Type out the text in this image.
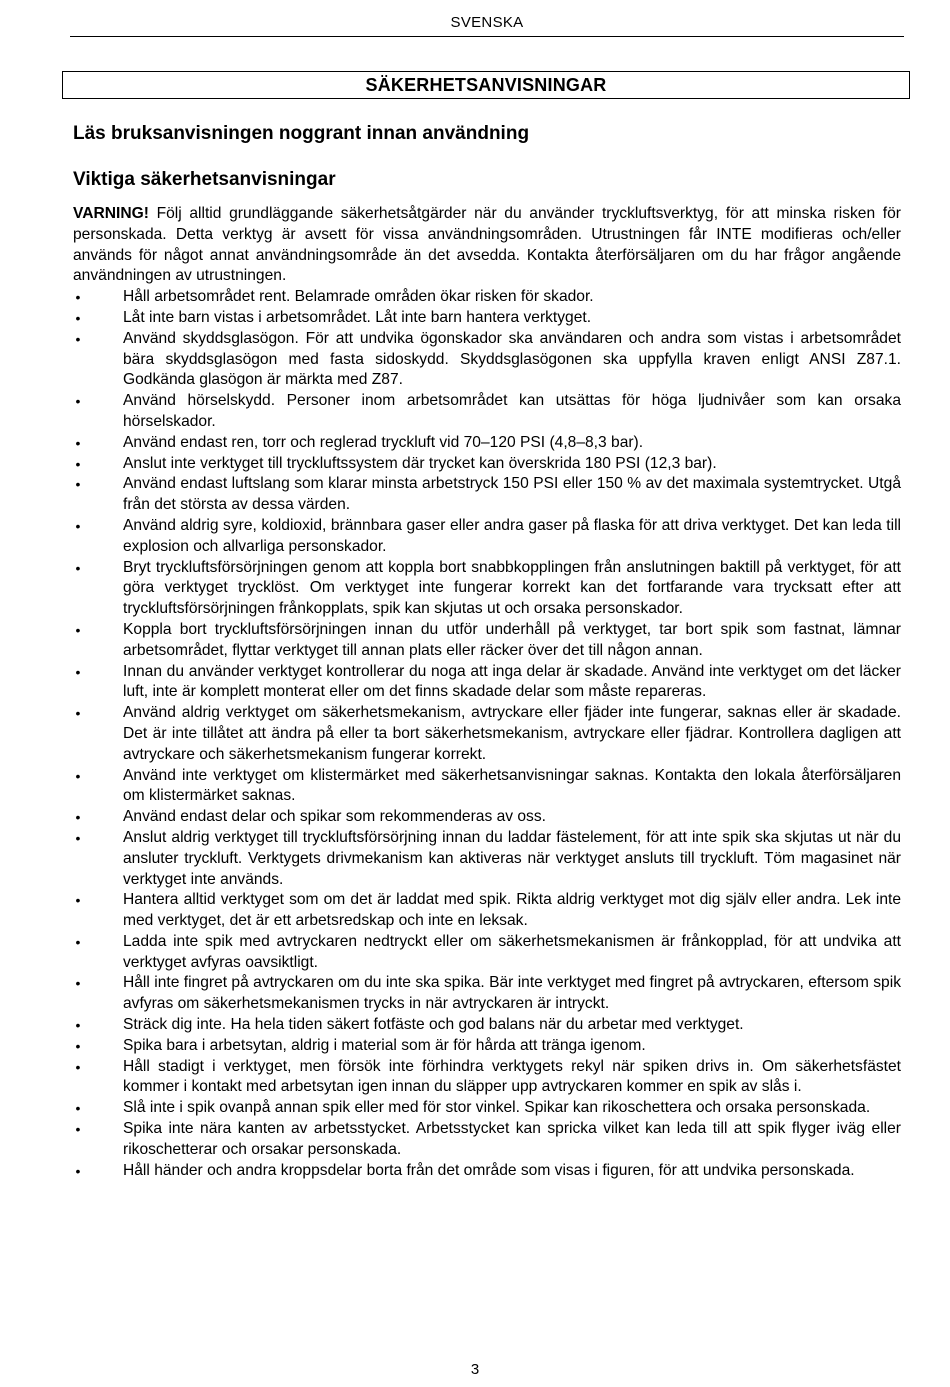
SVENSKA
SÄKERHETSANVISNINGAR
Läs bruksanvisningen noggrant innan användning
Viktiga säkerhetsanvisningar

VARNING! Följ alltid grundläggande säkerhetsåtgärder när du använder tryckluftsverktyg, för att minska risken för personskada. Detta verktyg är avsett för vissa användningsområden. Utrustningen får INTE modifieras och/eller används för något annat användningsområde än det avsedda. Kontakta återförsäljaren om du har frågor angående användningen av utrustningen.

•	Håll arbetsområdet rent. Belamrade områden ökar risken för skador.
•	Låt inte barn vistas i arbetsområdet. Låt inte barn hantera verktyget.
•	Använd skyddsglasögon. För att undvika ögonskador ska användaren och andra som vistas i arbetsområdet bära skyddsglasögon med fasta sidoskydd. Skyddsglasögonen ska uppfylla kraven enligt ANSI Z87.1. Godkända glasögon är märkta med Z87.
•	Använd hörselskydd. Personer inom arbetsområdet kan utsättas för höga ljudnivåer som kan orsaka hörselskador.
•	Använd endast ren, torr och reglerad tryckluft vid 70–120 PSI (4,8–8,3 bar).
•	Anslut inte verktyget till tryckluftssystem där trycket kan överskrida 180 PSI (12,3 bar).
•	Använd endast luftslang som klarar minsta arbetstryck 150 PSI eller 150 % av det maximala systemtrycket. Utgå från det största av dessa värden.
•	Använd aldrig syre, koldioxid, brännbara gaser eller andra gaser på flaska för att driva verktyget. Det kan leda till explosion och allvarliga personskador.
•	Bryt tryckluftsförsörjningen genom att koppla bort snabbkopplingen från anslutningen baktill på verktyget, för att göra verktyget trycklöst. Om verktyget inte fungerar korrekt kan det fortfarande vara trycksatt efter att tryckluftsförsörjningen frånkopplats, spik kan skjutas ut och orsaka personskador.
•	Koppla bort tryckluftsförsörjningen innan du utför underhåll på verktyget, tar bort spik som fastnat, lämnar arbetsområdet, flyttar verktyget till annan plats eller räcker över det till någon annan.
•	Innan du använder verktyget kontrollerar du noga att inga delar är skadade. Använd inte verktyget om det läcker luft, inte är komplett monterat eller om det finns skadade delar som måste repareras.
•	Använd aldrig verktyget om säkerhetsmekanism, avtryckare eller fjäder inte fungerar, saknas eller är skadade. Det är inte tillåtet att ändra på eller ta bort säkerhetsmekanism, avtryckare eller fjädrar. Kontrollera dagligen att avtryckare och säkerhetsmekanism fungerar korrekt.
•	Använd inte verktyget om klistermärket med säkerhetsanvisningar saknas. Kontakta den lokala återförsäljaren om klistermärket saknas.
•	Använd endast delar och spikar som rekommenderas av oss.
•	Anslut aldrig verktyget till tryckluftsförsörjning innan du laddar fästelement, för att inte spik ska skjutas ut när du ansluter tryckluft. Verktygets drivmekanism kan aktiveras när verktyget ansluts till tryckluft. Töm magasinet när verktyget inte används.
•	Hantera alltid verktyget som om det är laddat med spik. Rikta aldrig verktyget mot dig själv eller andra. Lek inte med verktyget, det är ett arbetsredskap och inte en leksak.
•	Ladda inte spik med avtryckaren nedtryckt eller om säkerhetsmekanismen är frånkopplad, för att undvika att verktyget avfyras oavsiktligt.
•	Håll inte fingret på avtryckaren om du inte ska spika. Bär inte verktyget med fingret på avtryckaren, eftersom spik avfyras om säkerhetsmekanismen trycks in när avtryckaren är intryckt.
•	Sträck dig inte. Ha hela tiden säkert fotfäste och god balans när du arbetar med verktyget.
•	Spika bara i arbetsytan, aldrig i material som är för hårda att tränga igenom.
•	Håll stadigt i verktyget, men försök inte förhindra verktygets rekyl när spiken drivs in. Om säkerhetsfästet kommer i kontakt med arbetsytan igen innan du släpper upp avtryckaren kommer en spik av slås i.
•	Slå inte i spik ovanpå annan spik eller med för stor vinkel. Spikar kan rikoschettera och orsaka personskada.
•	Spika inte nära kanten av arbetsstycket. Arbetsstycket kan spricka vilket kan leda till att spik flyger iväg eller rikoschetterar och orsakar personskada.
•	Håll händer och andra kroppsdelar borta från det område som visas i figuren, för att undvika personskada.
3
